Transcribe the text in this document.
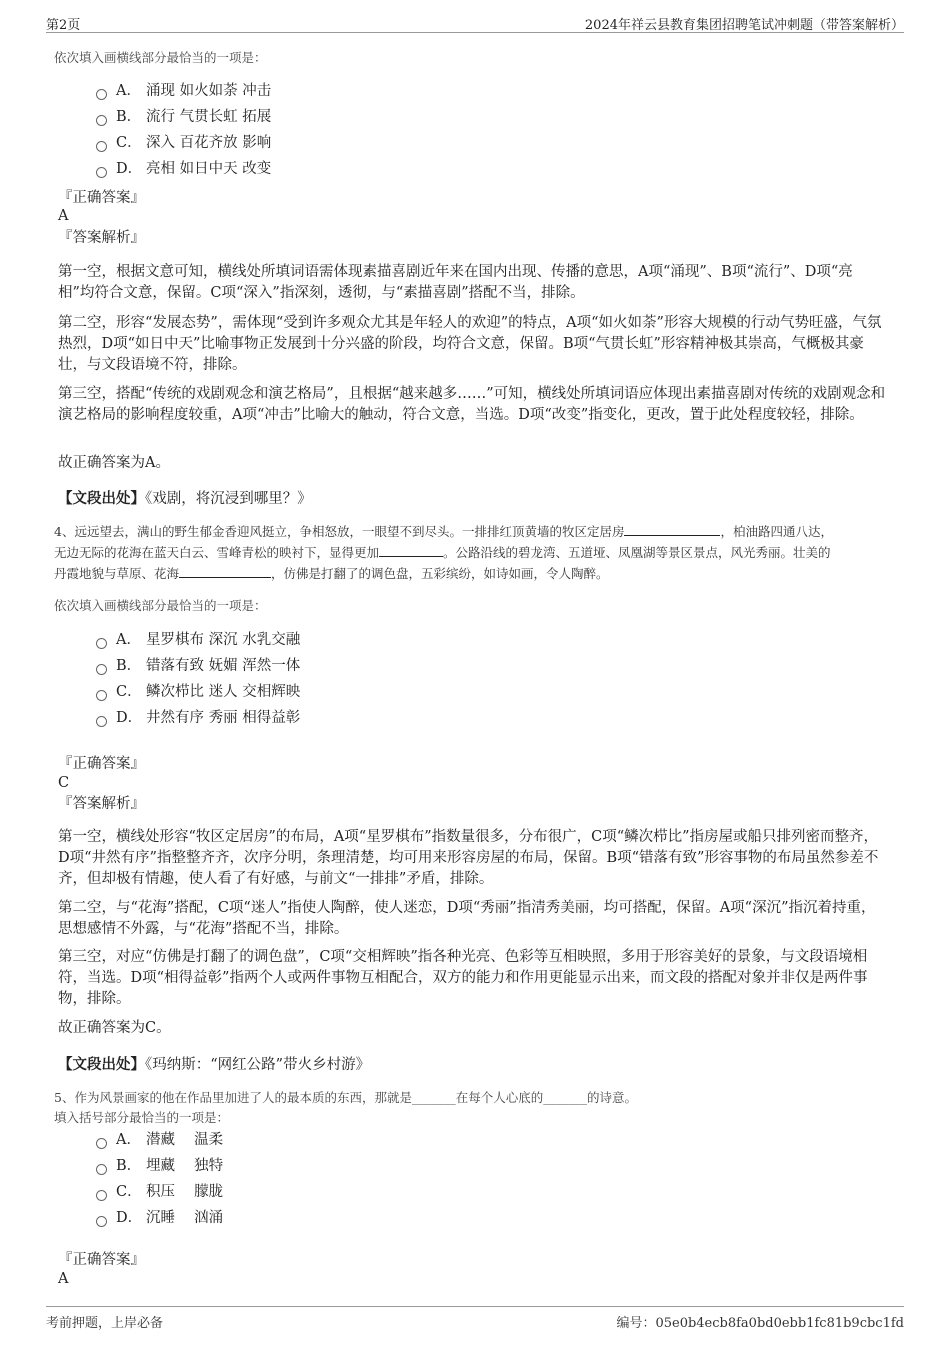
第2页	2024年祥云县教育集团招聘笔试冲刺题（带答案解析）
依次填入画横线部分最恰当的一项是：
A． 涌现 如火如荼 冲击
B． 流行 气贯长虹 拓展
C． 深入 百花齐放 影响
D． 亮相 如日中天 改变
『正确答案』
A
『答案解析』
第一空，根据文意可知，横线处所填词语需体现素描喜剧近年来在国内出现、传播的意思，A项“涌现”、B项“流行”、D项“亮相”均符合文意，保留。C项“深入”指深刻，透彻，与“素描喜剧”搭配不当，排除。
第二空，形容“发展态势”，需体现“受到许多观众尤其是年轻人的欢迎”的特点，A项“如火如荼”形容大规模的行动气势旺盛，气氛热烈，D项“如日中天”比喻事物正发展到十分兴盛的阶段，均符合文意，保留。B项“气贯长虹”形容精神极其崇高，气概极其豪壮，与文段语境不符，排除。
第三空，搭配“传统的戏剧观念和演艺格局”，且根据“越来越多……”可知，横线处所填词语应体现出素描喜剧对传统的戏剧观念和演艺格局的影响程度较重，A项“冲击”比喻大的触动，符合文意，当选。D项“改变”指变化，更改，置于此处程度较轻，排除。
故正确答案为A。
【文段出处】《戏剧，将沉浸到哪里？》
4、远远望去，满山的野生郁金香迎风挺立，争相怒放，一眼望不到尽头。一排排红顶黄墙的牧区定居房	，柏油路四通八达，
无边无际的花海在蓝天白云、雪峰青松的映衬下，显得更加	。公路沿线的碧龙湾、五道垭、凤凰湖等景区景点，风光秀丽。壮美的
丹霞地貌与草原、花海	，仿佛是打翻了的调色盘，五彩缤纷，如诗如画，令人陶醉。
依次填入画横线部分最恰当的一项是：
A． 星罗棋布 深沉 水乳交融
B． 错落有致 妩媚 浑然一体
C． 鳞次栉比 迷人 交相辉映
D． 井然有序 秀丽 相得益彰
『正确答案』
C
『答案解析』
第一空，横线处形容“牧区定居房”的布局，A项“星罗棋布”指数量很多，分布很广，C项“鳞次栉比”指房屋或船只排列密而整齐，D项“井然有序”指整整齐齐，次序分明，条理清楚，均可用来形容房屋的布局，保留。B项“错落有致”形容事物的布局虽然参差不齐，但却极有情趣，使人看了有好感，与前文“一排排”矛盾，排除。
第二空，与“花海”搭配，C项“迷人”指使人陶醉，使人迷恋，D项“秀丽”指清秀美丽，均可搭配，保留。A项“深沉”指沉着持重，思想感情不外露，与“花海”搭配不当，排除。
第三空，对应“仿佛是打翻了的调色盘”，C项“交相辉映”指各种光亮、色彩等互相映照，多用于形容美好的景象，与文段语境相符，当选。D项“相得益彰”指两个人或两件事物互相配合，双方的能力和作用更能显示出来，而文段的搭配对象并非仅是两件事物，排除。
故正确答案为C。
【文段出处】《玛纳斯：“网红公路”带火乡村游》
5、作为风景画家的他在作品里加进了人的最本质的东西，那就是_______在每个人心底的_______的诗意。
填入括号部分最恰当的一项是：
A． 潜藏　 温柔
B． 埋藏　 独特
C． 积压　 朦胧
D． 沉睡　 汹涌
『正确答案』
A
考前押题，上岸必备	编号：05e0b4ecb8fa0bd0ebb1fc81b9cbc1fd
